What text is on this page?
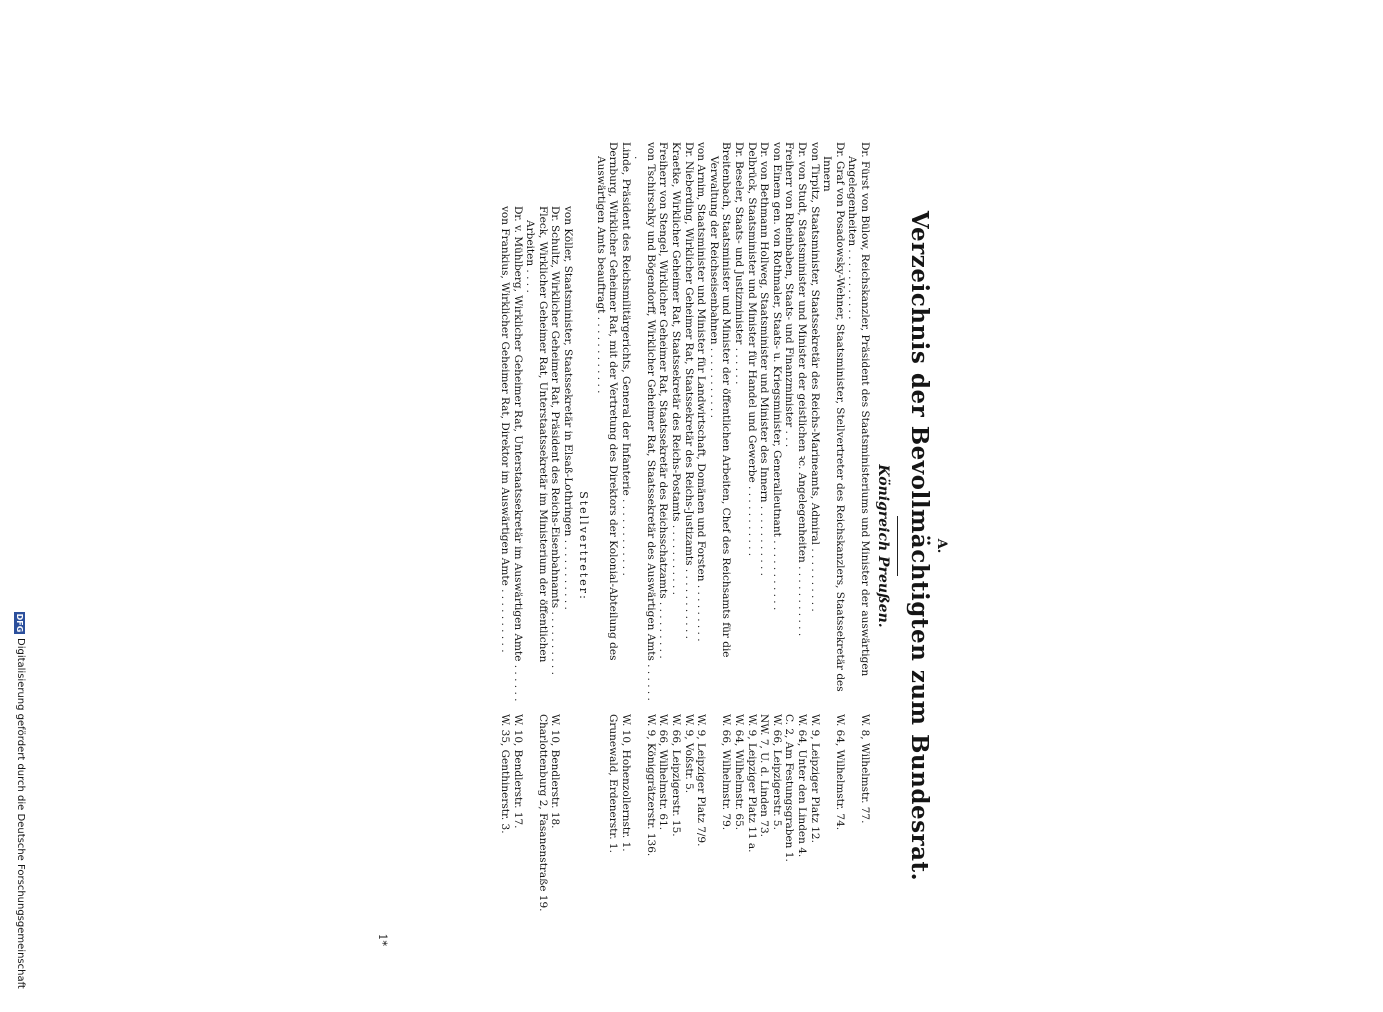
DFG
Digitalisierung gefördert durch die Deutsche Forschungsgemeinschaft
A.
Verzeichnis der Bevollmächtigten zum Bundesrat.
Königreich Preußen.
Dr. Fürst von Bülow, Reichskanzler, Präsident des Staatsministeriums und Minister der auswärtigen Angelegenheiten . . . . . . . . . . .
W. 8, Wilhelmstr. 77.
Dr. Graf von Posadowsky-Wehner, Staatsminister, Stellvertreter des Reichskanzlers, Staatssekretär des Innern
W. 64, Wilhelmstr. 74.
von Tirpitz, Staatsminister, Staatssekretär des Reichs-Marineamts, Admiral . . . . . . . . . .
W. 9, Leipziger Platz 12.
Dr. von Studt, Staatsminister und Minister der geistlichen ꝛc. Angelegenheiten . . . . . . . . . . .
W. 64, Unter den Linden 4.
Freiherr von Rheinbaben, Staats- und Finanzminister . . .
C. 2, Am Festungsgraben 1.
von Einem gen. von Rothmaler, Staats- u. Kriegsminister, Generalleutnant . . . . . . . . . . .
W. 66, Leipzigerstr. 5.
Dr. von Bethmann Hollweg, Staatsminister und Minister des Innern . . . . . . . . . . .
NW. 7, U. d. Linden 73.
Delbrück, Staatsminister und Minister für Handel und Gewerbe . . . . . . . . . . .
W. 9, Leipziger Platz 11 a.
Dr. Beseler, Staats- und Justizminister . . . . . .
W. 64, Wilhelmstr. 65.
Breitenbach, Staatsminister und Minister der öffentlichen Arbeiten, Chef des Reichsamts für die Verwaltung der Reichseisenbahnen . . . . . . . . . . .
W. 66, Wilhelmstr. 79.
von Arnim, Staatsminister und Minister für Landwirtschaft, Domänen und Forsten . . . . . . . . .
W. 9, Leipziger Platz 7/9.
Dr. Nieberding, Wirklicher Geheimer Rat, Staatssekretär des Reichs-Justizamts . . . . . . . . . . .
W. 9, Voßstr. 5.
Kraetke, Wirklicher Geheimer Rat, Staatssekretär des Reichs-Postamts . . . . . . . . . . .
W. 66, Leipzigerstr. 15.
Freiherr von Stengel, Wirklicher Geheimer Rat, Staatssekretär des Reichsschatzamts . . . . . . . . .
W. 66, Wilhelmstr. 61.
von Tschirschky und Bögendorff, Wirklicher Geheimer Rat, Staatssekretär des Auswärtigen Amts . . . . . . .
W. 9, Königgrätzerstr. 136.
Linde, Präsident des Reichsmilitärgerichts, General der Infanterie . . . . . . . . . . . .
W. 10, Hohenzollernstr. 1.
Dernburg, Wirklicher Geheimer Rat, mit der Vertretung des Direktors der Kolonial-Abteilung des Auswärtigen Amts beauftragt . . . . . . . . . . . .
Grunewald, Erdenerstr. 1.
Stellvertreter:
von Köller, Staatsminister, Staatssekretär in Elsaß-Lothringen . . . . . . . . . . .
Dr. Schultz, Wirklicher Geheimer Rat, Präsident des Reichs-Eisenbahnamts . . . . . . . . . .
W. 10, Bendlerstr. 18.
Fleck, Wirklicher Geheimer Rat, Unterstaatssekretär im Ministerium der öffentlichen Arbeiten . . . .
Charlottenburg 2, Fasanenstraße 19.
Dr. v. Mühlberg, Wirklicher Geheimer Rat, Unterstaatssekretär im Auswärtigen Amte . . . . . .
W. 10, Bendlerstr. 17.
von Frankius, Wirklicher Geheimer Rat, Direktor im Auswärtigen Amte . . . . . . . . . .
W. 35, Genthinerstr. 3.
1*
